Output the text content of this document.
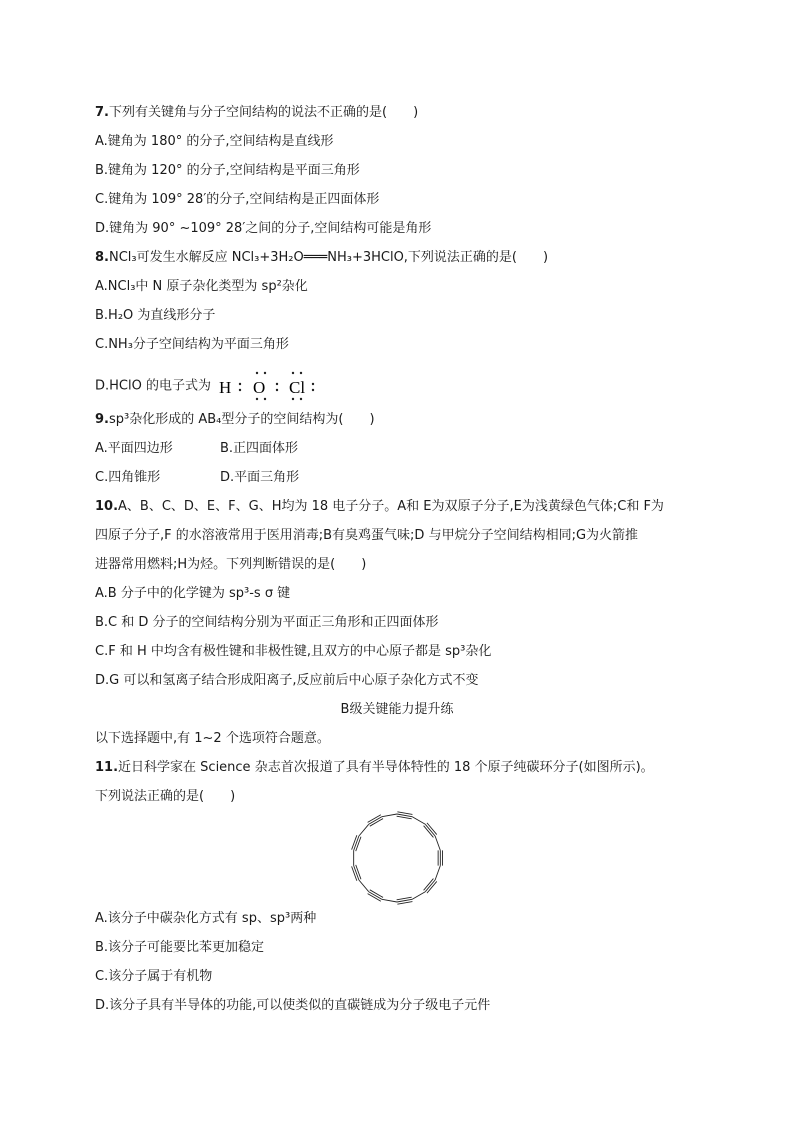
7.下列有关键角与分子空间结构的说法不正确的是( )
A.键角为 180° 的分子,空间结构是直线形
B.键角为 120° 的分子,空间结构是平面三角形
C.键角为 109° 28′的分子,空间结构是正四面体形
D.键角为 90° ~109° 28′之间的分子,空间结构可能是角形
8.NCl₃可发生水解反应 NCl₃+3H₂O═══NH₃+3HClO,下列说法正确的是( )
A.NCl₃中 N 原子杂化类型为 sp²杂化
B.H₂O 为直线形分子
C.NH₃分子空间结构为平面三角形
D.HClO 的电子式为 H O Cl
9.sp³杂化形成的 AB₄型分子的空间结构为( )
A.平面四边形	B.正四面体形
C.四角锥形	D.平面三角形
10.A、B、C、D、E、F、G、H均为 18 电子分子。A和 E为双原子分子,E为浅黄绿色气体;C和 F为
四原子分子,F 的水溶液常用于医用消毒;B有臭鸡蛋气味;D 与甲烷分子空间结构相同;G为火箭推
进器常用燃料;H为烃。下列判断错误的是( )
A.B 分子中的化学键为 sp³-s σ 键
B.C 和 D 分子的空间结构分别为平面正三角形和正四面体形
C.F 和 H 中均含有极性键和非极性键,且双方的中心原子都是 sp³杂化
D.G 可以和氢离子结合形成阳离子,反应前后中心原子杂化方式不变
B级关键能力提升练
以下选择题中,有 1~2 个选项符合题意。
11.近日科学家在 Science 杂志首次报道了具有半导体特性的 18 个原子纯碳环分子(如图所示)。
下列说法正确的是( )
A.该分子中碳杂化方式有 sp、sp³两种
B.该分子可能要比苯更加稳定
C.该分子属于有机物
D.该分子具有半导体的功能,可以使类似的直碳链成为分子级电子元件
